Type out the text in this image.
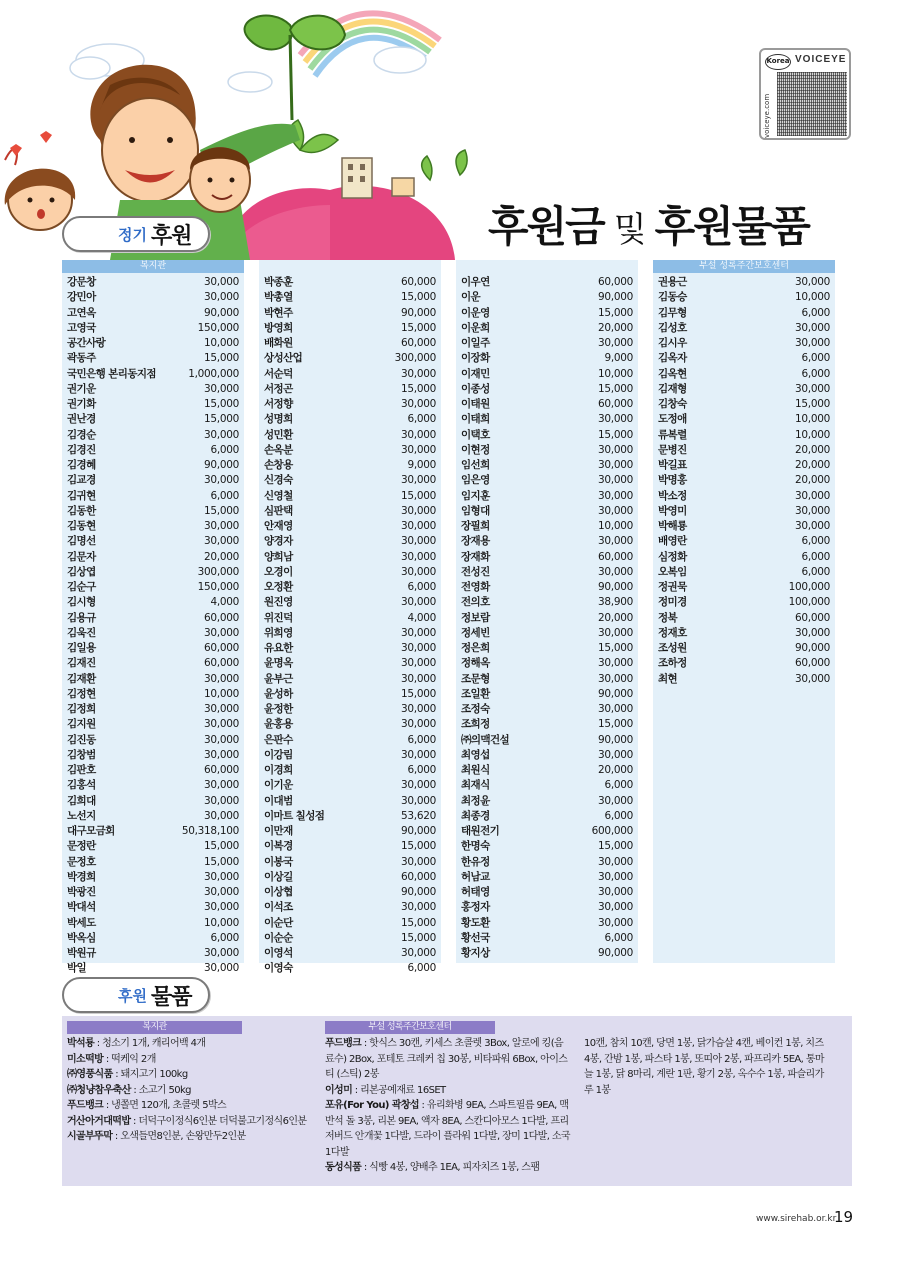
Korea VOICEYE
voiceye.com
후원금 및 후원물품
정기 후원
복지관
강문창	30,000
강민아	30,000
고연옥	90,000
고영국	150,000
공간사랑	10,000
곽동주	15,000
국민은행 본리동지점	1,000,000
권기운	30,000
권기화	15,000
권난경	15,000
김경순	30,000
김경진	6,000
김경혜	90,000
김교경	30,000
김귀현	6,000
김동한	15,000
김동현	30,000
김명선	30,000
김문자	20,000
김상엽	300,000
김순구	150,000
김시형	4,000
김용규	60,000
김욱진	30,000
김일용	60,000
김재진	60,000
김재환	30,000
김정현	10,000
김정희	30,000
김지원	30,000
김진동	30,000
김창범	30,000
김판호	60,000
김홍석	30,000
김희대	30,000
노선지	30,000
대구모금회	50,318,100
문정란	15,000
문정호	15,000
박경희	30,000
박광진	30,000
박대석	30,000
박세도	10,000
박옥심	6,000
박원규	30,000
박일	30,000
박종훈	60,000
박총열	15,000
박현주	90,000
방영희	15,000
배화원	60,000
상성산업	300,000
서순덕	30,000
서정곤	15,000
서정향	30,000
성명희	6,000
성민환	30,000
손옥분	30,000
손창용	9,000
신경숙	30,000
신영철	15,000
심판택	30,000
안재영	30,000
양경자	30,000
양희남	30,000
오경이	30,000
오정환	6,000
원진영	30,000
위진덕	4,000
위희영	30,000
유요한	30,000
윤명옥	30,000
윤부근	30,000
윤성하	15,000
윤정한	30,000
윤홍용	30,000
은판수	6,000
이강림	30,000
이경희	6,000
이기운	30,000
이대범	30,000
이마트 칠성점	53,620
이만재	90,000
이복경	15,000
이봉국	30,000
이상길	60,000
이상협	90,000
이석조	30,000
이순단	15,000
이순순	15,000
이영석	30,000
이영숙	6,000
이우연	60,000
이운	90,000
이운영	15,000
이운희	20,000
이일주	30,000
이장화	9,000
이재민	10,000
이종성	15,000
이태원	60,000
이태희	30,000
이택호	15,000
이현정	30,000
임선희	30,000
임은영	30,000
임지훈	30,000
임형대	30,000
장필희	10,000
장재용	30,000
장재화	60,000
전성진	30,000
전영화	90,000
전의호	38,900
정보람	20,000
정세빈	30,000
정은희	15,000
정해옥	30,000
조문형	30,000
조일환	90,000
조정숙	30,000
조희정	15,000
㈜의맥건설	90,000
최영섭	30,000
최원식	20,000
최재식	6,000
최정윤	30,000
최종경	6,000
태원전기	600,000
한명숙	15,000
한유정	30,000
허남교	30,000
허태영	30,000
홍정자	30,000
황도환	30,000
황선국	6,000
황지상	90,000
부설 성록주간보호센터
권용근	30,000
김동승	10,000
김무형	6,000
김성호	30,000
김시우	30,000
김옥자	6,000
김옥현	6,000
김재형	30,000
김창숙	15,000
도정애	10,000
류복렬	10,000
문병진	20,000
박길표	20,000
박명홍	20,000
박소정	30,000
박영미	30,000
박해룡	30,000
배영란	6,000
심정화	6,000
오복임	6,000
정권묵	100,000
정미경	100,000
정북	60,000
정재호	30,000
조성원	90,000
조하정	60,000
최현	30,000
후원 물품
복지관
박석룡 : 청소기 1개, 캐리어백 4개
미소떡방 : 떡케익 2개
㈜영풍식품 : 돼지고기 100kg
㈜청냥참우축산 : 소고기 50kg
푸드뱅크 : 냉쫄면 120개, 초콜렛 5박스
거산아거대떡밥 : 더덕구이정식6인분 더덕불고기정식6인분
시골부뚜막 : 오색들면8인분, 손왕만두2인분
부설 성록주간보호센터
푸드뱅크 : 핫식스 30캔, 키세스 초콜렛 3Box, 알로에 킹(음료수) 2Box, 포테토 크레커 칩 30봉, 비타파워 6Box, 아이스티 (스틱) 2봉
이성미 : 리본공예재료 16SET
포유(For You) 곽창섭 : 유리화병 9EA, 스파트필름 9EA, 맥반석 돌 3봉, 리본 9EA, 액자 8EA, 스칸디아모스 1다발, 프리저버드 안개꽃 1다발, 드라이 플라워 1다발, 장미 1다발, 소국 1다발
동성식품 : 식빵 4봉, 양배추 1EA, 피자치즈 1봉, 스팸
10캔, 참치 10캔, 당면 1봉, 닭가슴살 4캔, 베이컨 1봉, 치즈 4봉, 간밤 1봉, 파스타 1봉, 또띠아 2봉, 파프리카 5EA, 통마늘 1봉, 닭 8마리, 계란 1판, 황기 2봉, 옥수수 1봉, 파슬리가루 1봉
www.sirehab.or.kr
19
